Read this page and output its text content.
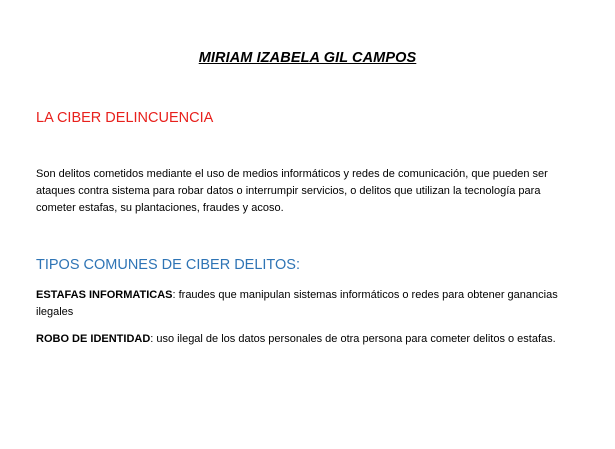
MIRIAM IZABELA GIL CAMPOS
LA CIBER DELINCUENCIA
Son delitos cometidos mediante el uso de medios informáticos y redes de comunicación, que pueden ser ataques contra sistema para robar datos o interrumpir servicios, o delitos que utilizan la tecnología para cometer estafas, su plantaciones, fraudes y acoso.
TIPOS COMUNES DE CIBER DELITOS:
ESTAFAS INFORMATICAS: fraudes que manipulan sistemas informáticos o redes para obtener ganancias ilegales
ROBO DE IDENTIDAD: uso ilegal de los datos personales de otra persona para cometer delitos o estafas.
